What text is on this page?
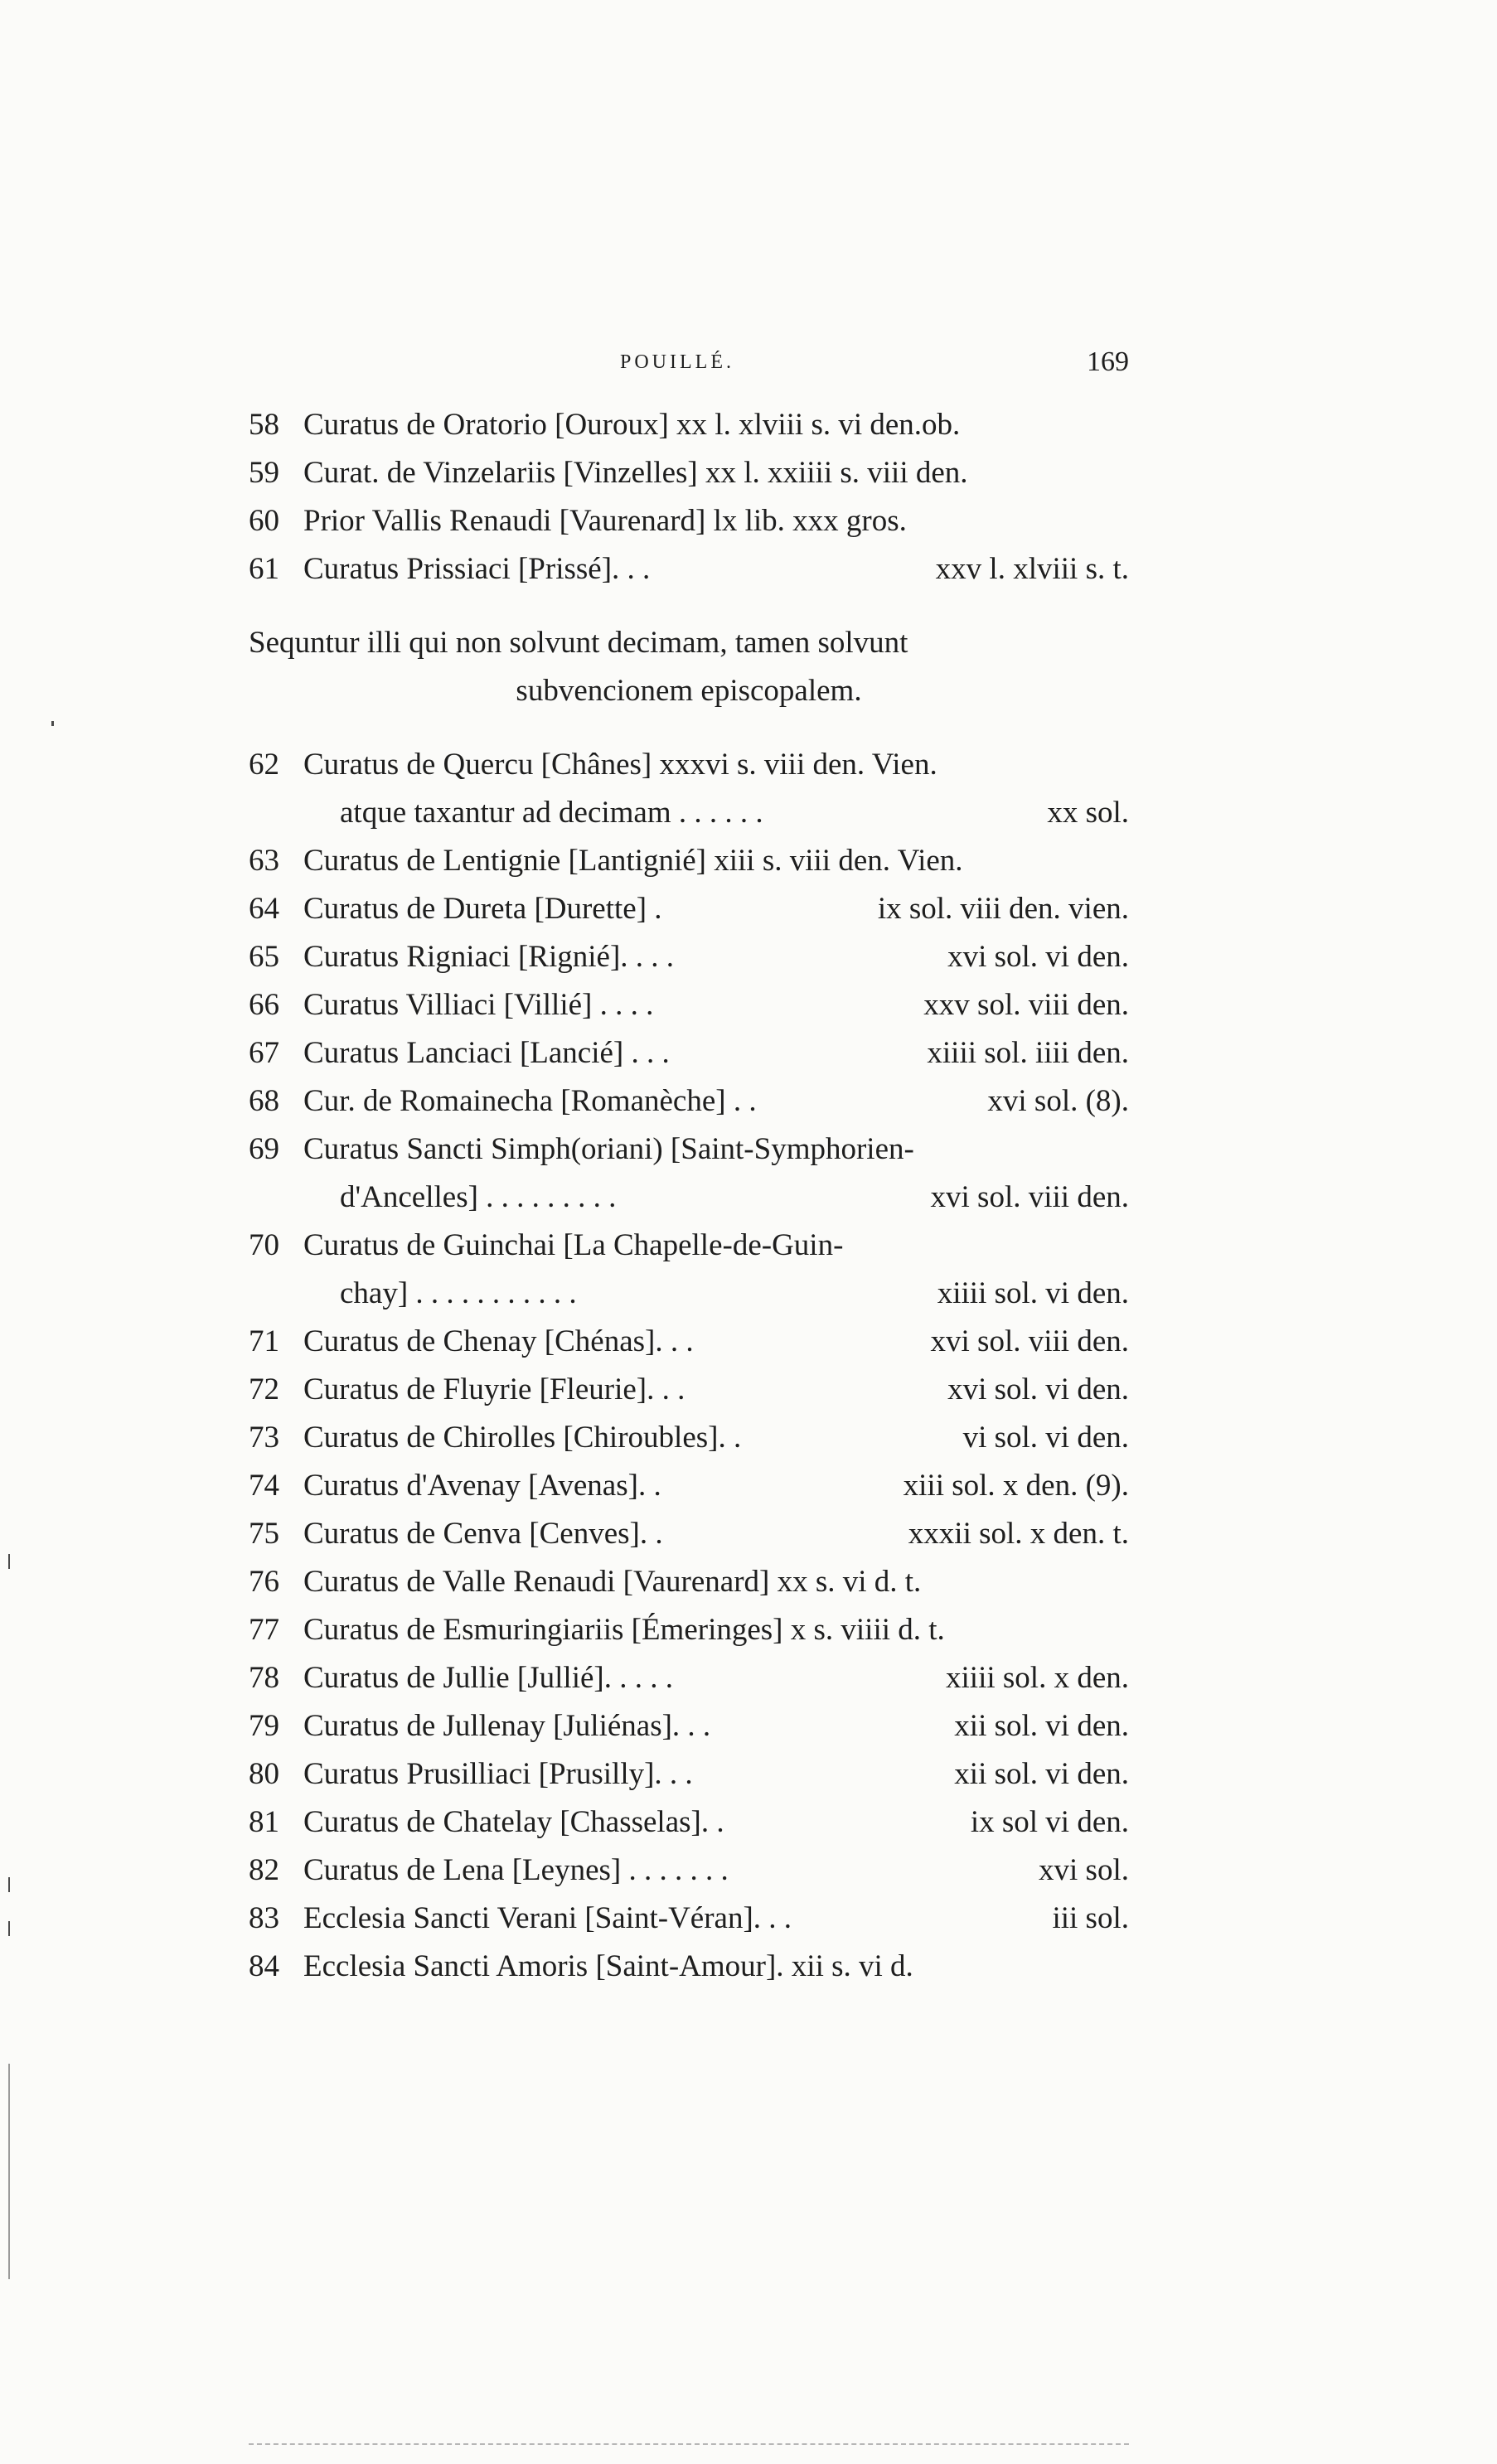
POUILLÉ.	169
58 Curatus de Oratorio [Ouroux] xx l. xlviii s. vi den.ob.
59 Curat. de Vinzelariis [Vinzelles] xx l. xxiiii s. viii den.
60 Prior Vallis Renaudi [Vaurenard] lx lib. xxx gros.
61 Curatus Prissiaci [Prissé]. . .	xxv l. xlviii s. t.
Sequntur illi qui non solvunt decimam, tamen solvunt
subvencionem episcopalem.
62 Curatus de Quercu [Chânes] xxxvi s. viii den. Vien.
atque taxantur ad decimam . . . . . .	xx sol.
63 Curatus de Lentignie [Lantignié] xiii s. viii den. Vien.
64 Curatus de Dureta [Durette] .	ix sol. viii den. vien.
65 Curatus Rigniaci [Rignié]. . . .	xvi sol. vi den.
66 Curatus Villiaci [Villié] . . . .	xxv sol. viii den.
67 Curatus Lanciaci [Lancié] . . .	xiiii sol. iiii den.
68 Cur. de Romainecha [Romanèche] . .	xvi sol. (8).
69 Curatus Sancti Simph(oriani) [Saint-Symphorien-
d'Ancelles] . . . . . . . . .	xvi sol. viii den.
70 Curatus de Guinchai [La Chapelle-de-Guin-
chay] . . . . . . . . . . .	xiiii sol. vi den.
71 Curatus de Chenay [Chénas]. . .	xvi sol. viii den.
72 Curatus de Fluyrie [Fleurie]. . .	xvi sol. vi den.
73 Curatus de Chirolles [Chiroubles]. .	vi sol. vi den.
74 Curatus d'Avenay [Avenas]. .	xiii sol. x den. (9).
75 Curatus de Cenva [Cenves]. .	xxxii sol. x den. t.
76 Curatus de Valle Renaudi [Vaurenard] xx s. vi d. t.
77 Curatus de Esmuringiariis [Émeringes] x s. viiii d. t.
78 Curatus de Jullie [Jullié]. . . . .	xiiii sol. x den.
79 Curatus de Jullenay [Juliénas]. . .	xii sol. vi den.
80 Curatus Prusilliaci [Prusilly]. . .	xii sol. vi den.
81 Curatus de Chatelay [Chasselas]. .	ix sol vi den.
82 Curatus de Lena [Leynes] . . . . . . .	xvi sol.
83 Ecclesia Sancti Verani [Saint-Véran]. . .	iii sol.
84 Ecclesia Sancti Amoris [Saint-Amour]. xii s. vi d.
